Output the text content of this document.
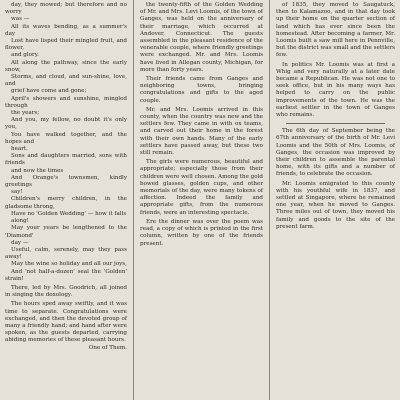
day, they mowed; but therefore and no worry

was —

All its waves bending, as a summer's day

Lost have lisped their mingled fruit, and flower,

and glory.

All along the pathway, since the early snow,

Storms, and cloud, and sun-shine, love, and

grief have come and gone;

April's showers and sunshine, mingled through

the years;

And you, my fellow, no doubt it's only you,

You have walked together, and the hopes and

heart.

Sons and daughters married, sons with friends

and now the times

And Orange's townsmen, kindly greetings

say!

Children's merry children, in the gladsome throng,

Have no 'Golden Wedding' — how it falls

along!

May your years be lengthened to the 'Diamond'

day —

Useful, calm, serenely, may they pass away!

May the wine so holiday and all our joys,

And 'not half-a-dozen' seal the 'Golden' strain!

There, led by Mrs. Goodrich, all joined in singing the doxology.

The hours sped away swiftly, and it was time to separate. Congratulations were exchanged, and then the devoted group of many a friendly hand; and hand after were spoken, as the guests departed, carrying abiding memories of these pleasant hours.

One of Them.

the twenty-fifth of the Golden Wedding of Mr. and Mrs. Levi Loomis, of the town of Ganges, was held on the anniversary of their marriage, which occurred at Andover, Connecticut. The guests assembled in the pleasant residence of the venerable couple, where friendly greetings were exchanged. Mr. and Mrs. Loomis have lived in Allegan county, Michigan, for more than forty years.

Their friends came from Ganges and neighboring towns, bringing congratulations and gifts to the aged couple.

Mr. and Mrs. Loomis arrived in this county, when the country was new and the settlers few. They came in with ox teams, and carved out their home in the forest with their own hands. Many of the early settlers have passed away, but these two still remain.

The girls were numerous, beautiful and appropriate; especially those from their children were well chosen. Among the gold bowed glasses, golden cups, and other memorials of the day, were many tokens of affection. Indeed the family and appropriate gifts, from the numerous friends, were an interesting spectacle.

Ere the dinner was over the poem was read, a copy of which is printed in the first column, written by one of the friends present.

of 1835, they moved to Saugatuck, then to Kalamazoo, and in that day took up their home on the quarter section of land which has ever since been the homestead. After becoming a farmer, Mr. Loomis built a saw mill here in Pennville, but the district was small and the settlers few.

In politics Mr. Loomis was at first a Whig and very naturally at a later date became a Republican. He was not one to seek office, but in his many ways has helped to carry on the public improvements of the town. He was the earliest settler in the town of Ganges who remains.

The 6th day of September being the 67th anniversary of the birth of Mr. Levi Loomis and the 50th of Mrs. Loomis, of Ganges, the occasion was improved by their children to assemble the parental home, with its gifts and a number of friends, to celebrate the occasion.

Mr. Loomis emigrated to this county with his youthful wife in 1837, and settled at Singapore, where he remained one year, when he moved to Ganges. Three miles out of town, they moved his family and goods to the site of the present farm.
